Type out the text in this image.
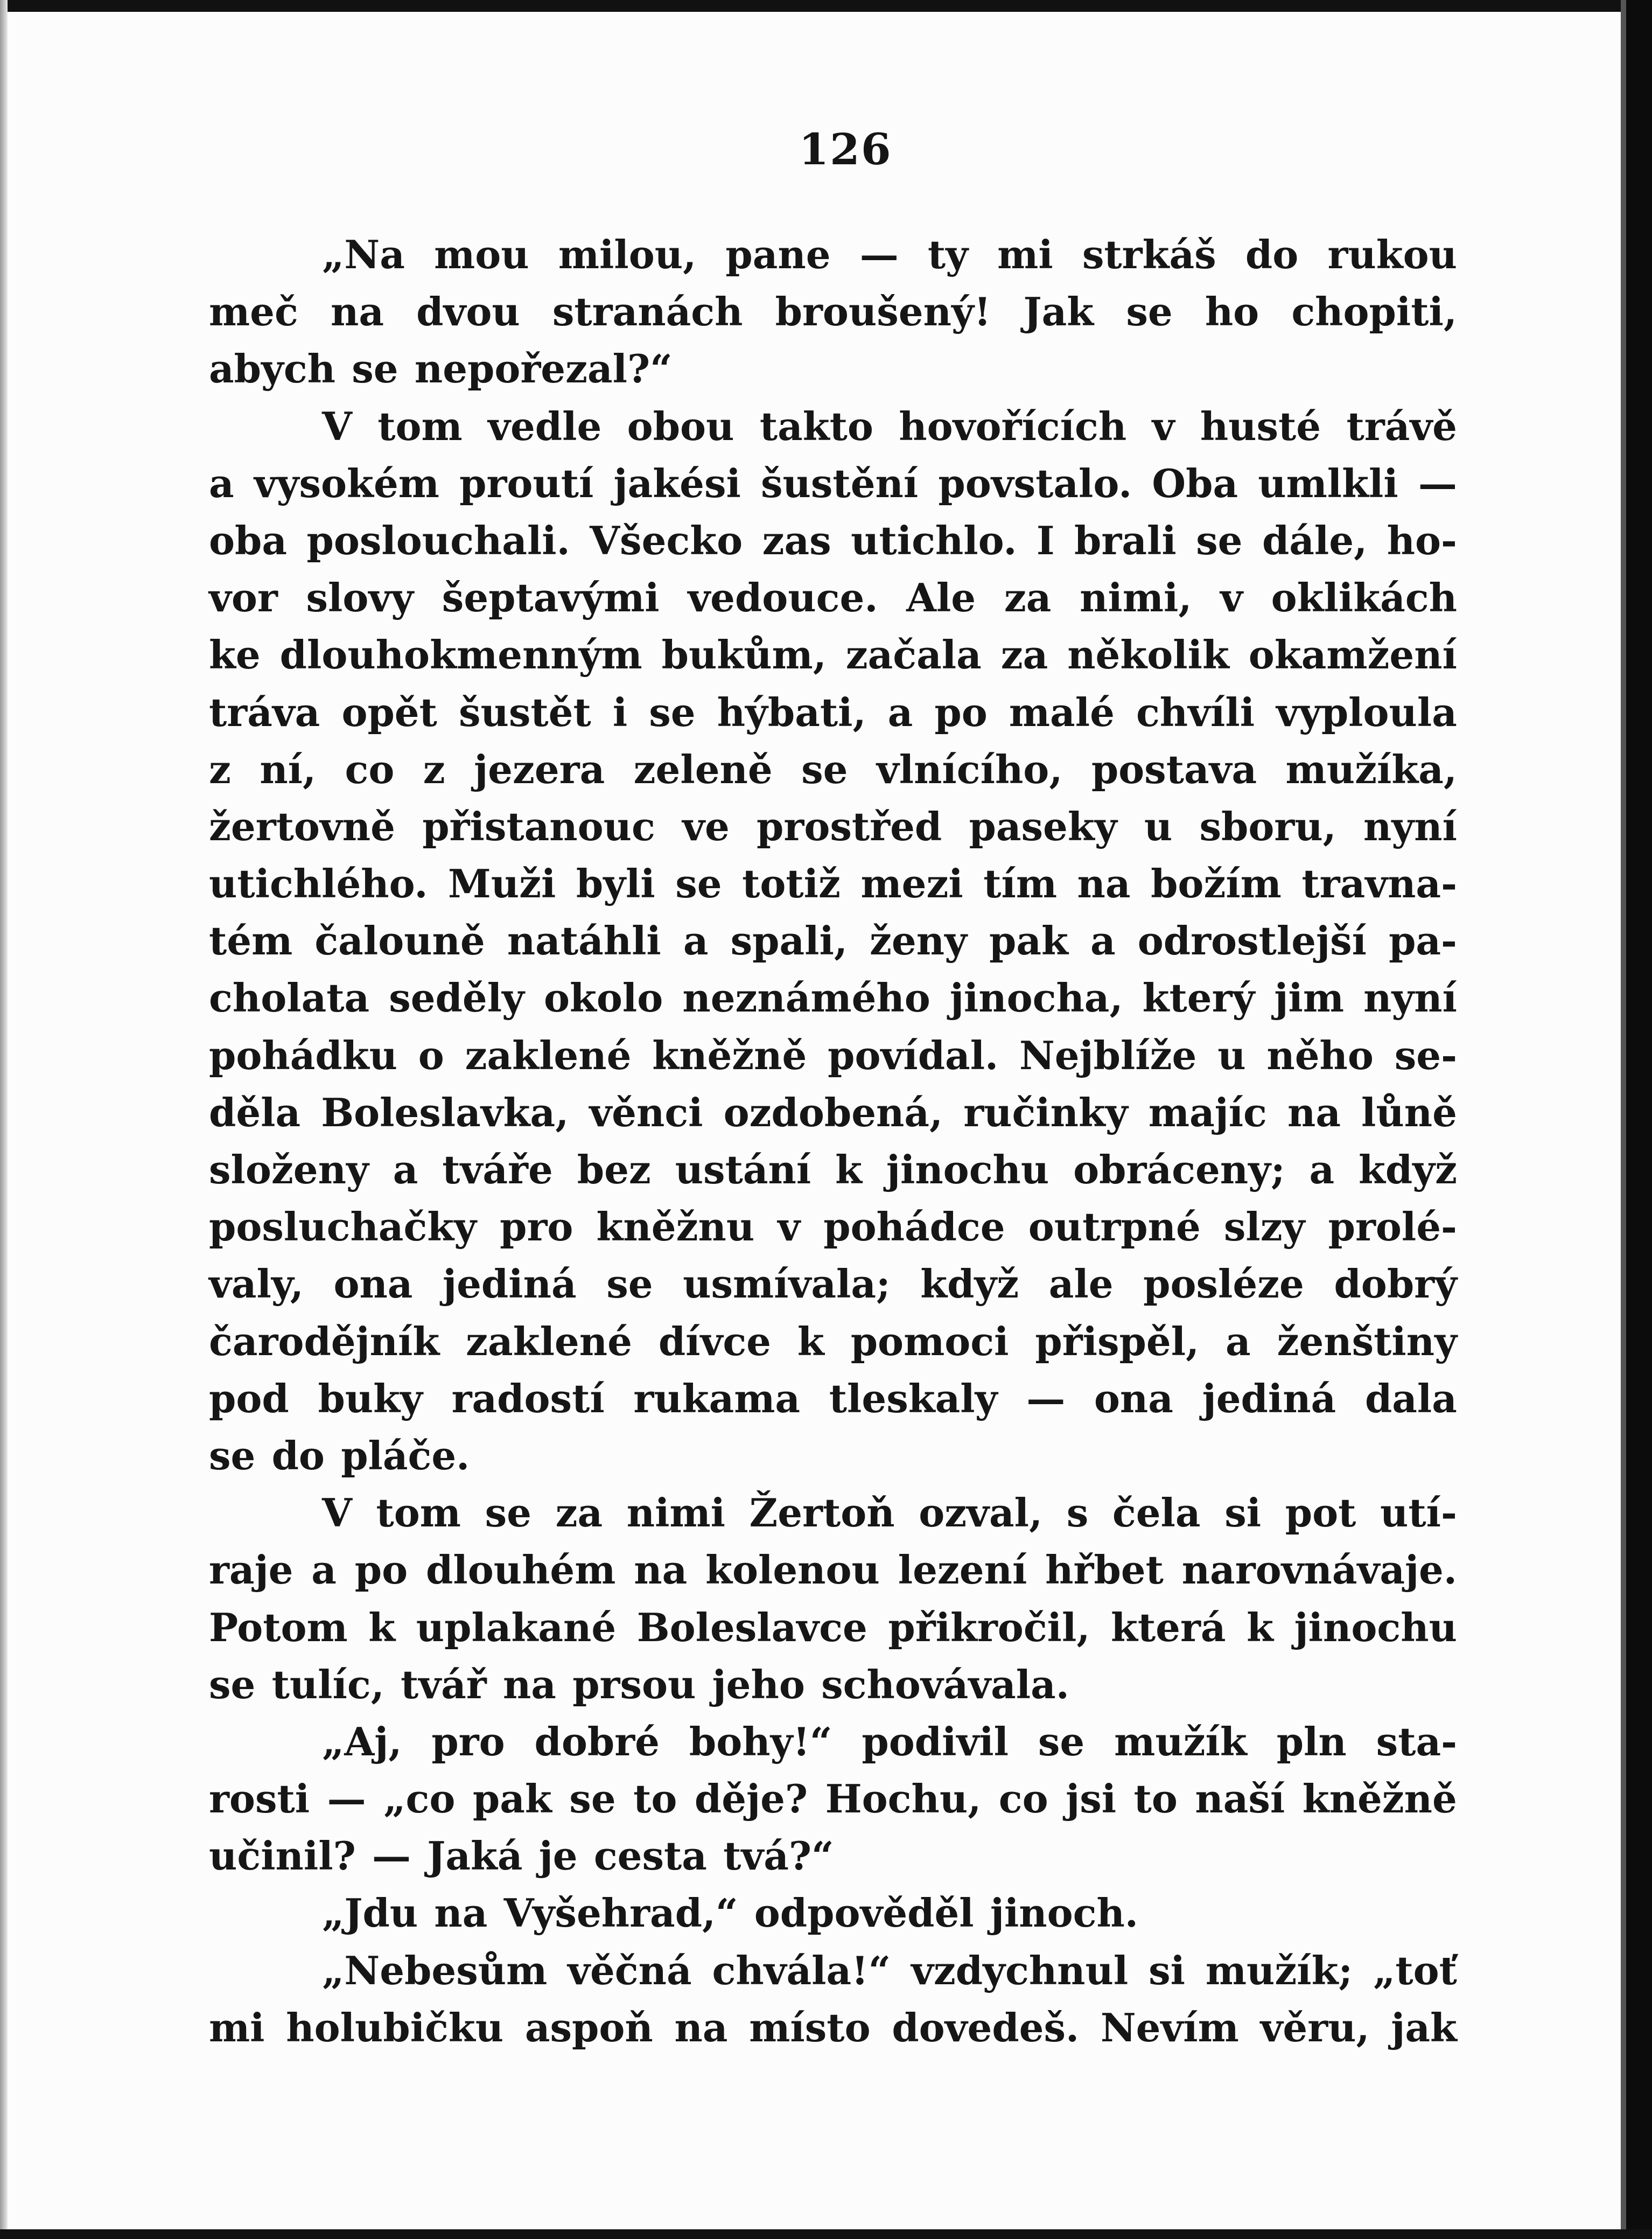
126
„Na mou milou, pane — ty mi strkáš do rukou
meč na dvou stranách broušený! Jak se ho chopiti,
abych se nepořezal?“
V tom vedle obou takto hovořících v husté trávě
a vysokém proutí jakési šustění povstalo. Oba umlkli —
oba poslouchali. Všecko zas utichlo. I brali se dále, ho-
vor slovy šeptavými vedouce. Ale za nimi, v oklikách
ke dlouhokmenným bukům, začala za několik okamžení
tráva opět šustět i se hýbati, a po malé chvíli vyploula
z ní, co z jezera zeleně se vlnícího, postava mužíka,
žertovně přistanouc ve prostřed paseky u sboru, nyní
utichlého. Muži byli se totiž mezi tím na božím travna-
tém čalouně natáhli a spali, ženy pak a odrostlejší pa-
cholata seděly okolo neznámého jinocha, který jim nyní
pohádku o zaklené kněžně povídal. Nejblíže u něho se-
děla Boleslavka, věnci ozdobená, ručinky majíc na lůně
složeny a tváře bez ustání k jinochu obráceny; a když
posluchačky pro kněžnu v pohádce outrpné slzy prolé-
valy, ona jediná se usmívala; když ale posléze dobrý
čarodějník zaklené dívce k pomoci přispěl, a ženštiny
pod buky radostí rukama tleskaly — ona jediná dala
se do pláče.
V tom se za nimi Žertoň ozval, s čela si pot utí-
raje a po dlouhém na kolenou lezení hřbet narovnávaje.
Potom k uplakané Boleslavce přikročil, která k jinochu
se tulíc, tvář na prsou jeho schovávala.
„Aj, pro dobré bohy!“ podivil se mužík pln sta-
rosti — „co pak se to děje? Hochu, co jsi to naší kněžně
učinil? — Jaká je cesta tvá?“
„Jdu na Vyšehrad,“ odpověděl jinoch.
„Nebesům věčná chvála!“ vzdychnul si mužík; „toť
mi holubičku aspoň na místo dovedeš. Nevím věru, jak
